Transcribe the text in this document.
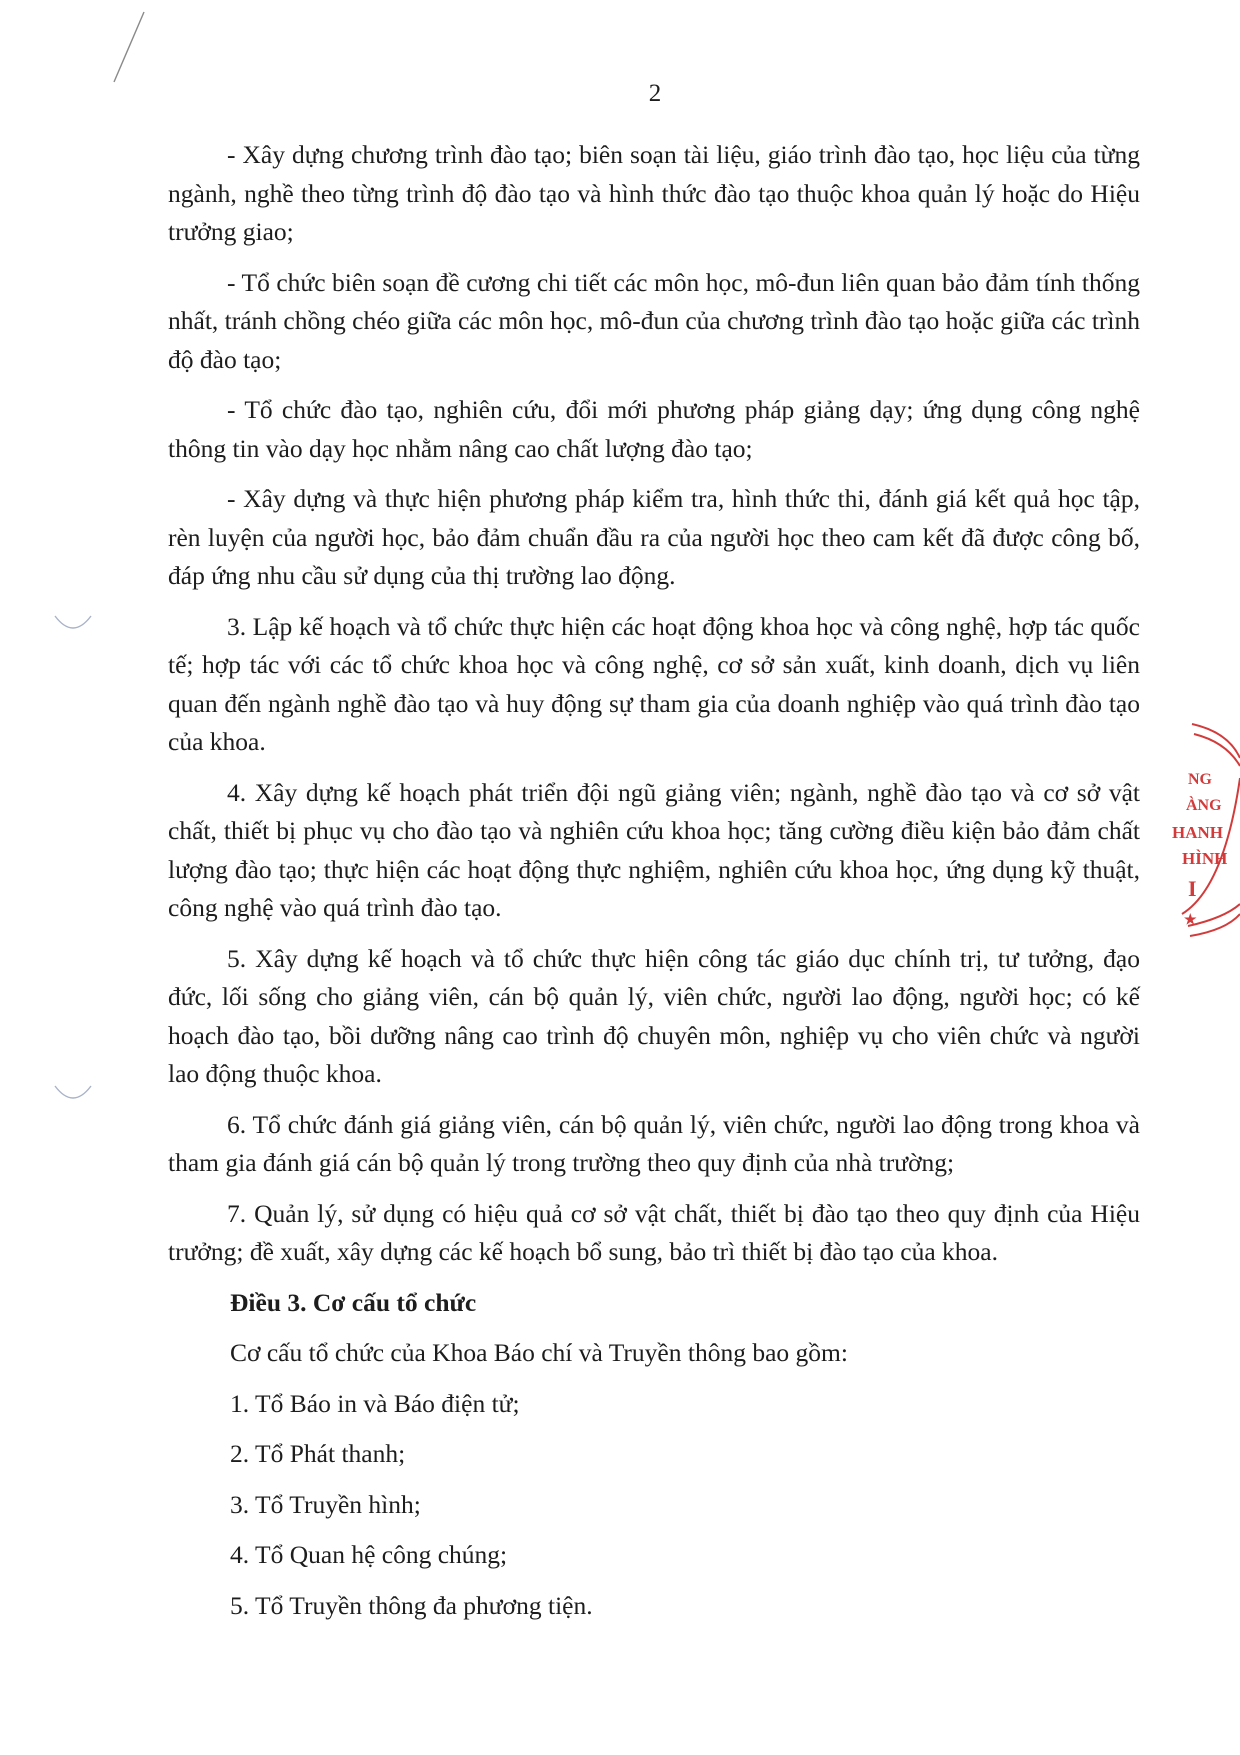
2

- Xây dựng chương trình đào tạo; biên soạn tài liệu, giáo trình đào tạo, học liệu của từng ngành, nghề theo từng trình độ đào tạo và hình thức đào tạo thuộc khoa quản lý hoặc do Hiệu trưởng giao;

- Tổ chức biên soạn đề cương chi tiết các môn học, mô-đun liên quan bảo đảm tính thống nhất, tránh chồng chéo giữa các môn học, mô-đun của chương trình đào tạo hoặc giữa các trình độ đào tạo;

- Tổ chức đào tạo, nghiên cứu, đổi mới phương pháp giảng dạy; ứng dụng công nghệ thông tin vào dạy học nhằm nâng cao chất lượng đào tạo;

- Xây dựng và thực hiện phương pháp kiểm tra, hình thức thi, đánh giá kết quả học tập, rèn luyện của người học, bảo đảm chuẩn đầu ra của người học theo cam kết đã được công bố, đáp ứng nhu cầu sử dụng của thị trường lao động.

3. Lập kế hoạch và tổ chức thực hiện các hoạt động khoa học và công nghệ, hợp tác quốc tế; hợp tác với các tổ chức khoa học và công nghệ, cơ sở sản xuất, kinh doanh, dịch vụ liên quan đến ngành nghề đào tạo và huy động sự tham gia của doanh nghiệp vào quá trình đào tạo của khoa.

4. Xây dựng kế hoạch phát triển đội ngũ giảng viên; ngành, nghề đào tạo và cơ sở vật chất, thiết bị phục vụ cho đào tạo và nghiên cứu khoa học; tăng cường điều kiện bảo đảm chất lượng đào tạo; thực hiện các hoạt động thực nghiệm, nghiên cứu khoa học, ứng dụng kỹ thuật, công nghệ vào quá trình đào tạo.

5. Xây dựng kế hoạch và tổ chức thực hiện công tác giáo dục chính trị, tư tưởng, đạo đức, lối sống cho giảng viên, cán bộ quản lý, viên chức, người lao động, người học; có kế hoạch đào tạo, bồi dưỡng nâng cao trình độ chuyên môn, nghiệp vụ cho viên chức và người lao động thuộc khoa.

6. Tổ chức đánh giá giảng viên, cán bộ quản lý, viên chức, người lao động trong khoa và tham gia đánh giá cán bộ quản lý trong trường theo quy định của nhà trường;

7. Quản lý, sử dụng có hiệu quả cơ sở vật chất, thiết bị đào tạo theo quy định của Hiệu trưởng; đề xuất, xây dựng các kế hoạch bổ sung, bảo trì thiết bị đào tạo của khoa.

Điều 3. Cơ cấu tổ chức

Cơ cấu tổ chức của Khoa Báo chí và Truyền thông bao gồm:

1. Tổ Báo in và Báo điện tử;

2. Tổ Phát thanh;

3. Tổ Truyền hình;

4. Tổ Quan hệ công chúng;

5. Tổ Truyền thông đa phương tiện.

NG
ÀNG
HANH
HÌNH
I
★
